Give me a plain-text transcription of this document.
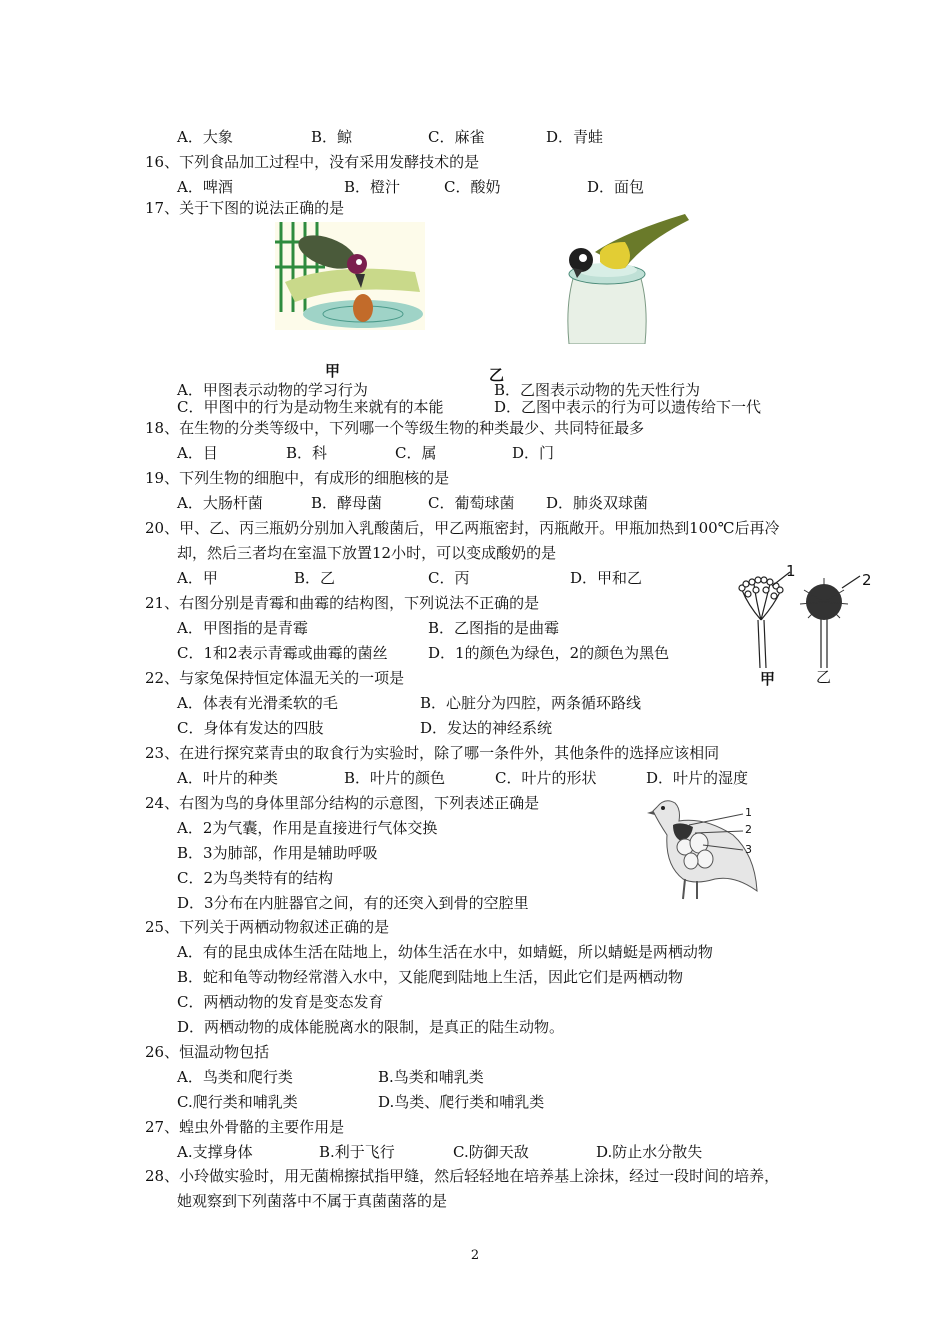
A．大象	B．鲸	C．麻雀	D．青蛙
16、下列食品加工过程中，没有采用发酵技术的是
A．啤酒	B．橙汁	C．酸奶	D．面包
17、关于下图的说法正确的是
甲	乙
A．甲图表示动物的学习行为	B．乙图表示动物的先天性行为
C．甲图中的行为是动物生来就有的本能	D．乙图中表示的行为可以遗传给下一代
18、在生物的分类等级中，下列哪一个等级生物的种类最少、共同特征最多
A．目	B．科	C．属	D．门
19、下列生物的细胞中，有成形的细胞核的是
A．大肠杆菌	B．酵母菌	C．葡萄球菌 D．肺炎双球菌
20、甲、乙、丙三瓶奶分别加入乳酸菌后，甲乙两瓶密封，丙瓶敞开。甲瓶加热到100℃后再冷
却，然后三者均在室温下放置12小时，可以变成酸奶的是
A．甲	B．乙	C．丙	D．甲和乙
21、右图分别是青霉和曲霉的结构图，下列说法不正确的是
A．甲图指的是青霉	B．乙图指的是曲霉
C．1和2表示青霉或曲霉的菌丝	D．1的颜色为绿色，2的颜色为黑色
1	2
甲	乙
22、与家兔保持恒定体温无关的一项是
A．体表有光滑柔软的毛	B．心脏分为四腔，两条循环路线
C．身体有发达的四肢	D．发达的神经系统
23、在进行探究菜青虫的取食行为实验时，除了哪一条件外，其他条件的选择应该相同
A．叶片的种类	B．叶片的颜色	C．叶片的形状	D．叶片的湿度
24、右图为鸟的身体里部分结构的示意图，下列表述正确是
A．2为气囊，作用是直接进行气体交换
B．3为肺部，作用是辅助呼吸
C．2为鸟类特有的结构
D．3分布在内脏器官之间，有的还突入到骨的空腔里
1
2
3
25、下列关于两栖动物叙述正确的是
A．有的昆虫成体生活在陆地上，幼体生活在水中，如蜻蜓，所以蜻蜓是两栖动物
B．蛇和龟等动物经常潜入水中，又能爬到陆地上生活，因此它们是两栖动物
C．两栖动物的发育是变态发育
D．两栖动物的成体能脱离水的限制，是真正的陆生动物。
26、恒温动物包括
A．鸟类和爬行类	B.鸟类和哺乳类
C.爬行类和哺乳类	D.鸟类、爬行类和哺乳类
27、蝗虫外骨骼的主要作用是
A.支撑身体	B.利于飞行	C.防御天敌	D.防止水分散失
28、小玲做实验时，用无菌棉擦拭指甲缝，然后轻轻地在培养基上涂抹，经过一段时间的培养，
她观察到下列菌落中不属于真菌菌落的是
2
